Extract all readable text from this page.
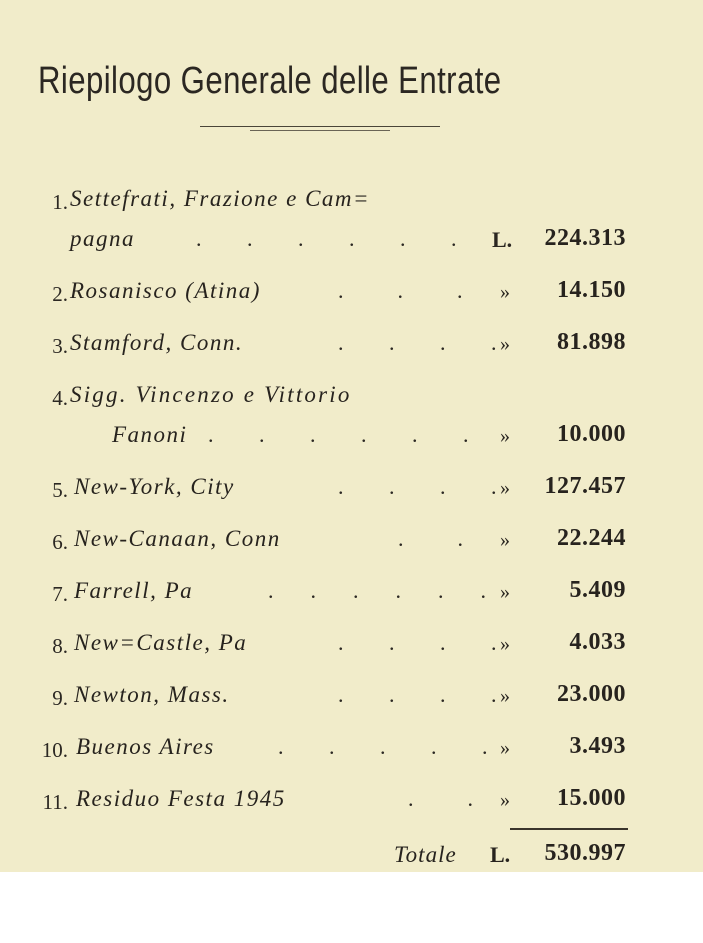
Riepilogo Generale delle Entrate
1. Settefrati, Frazione e Cam=
pagna	.     .     .     .     .     . L.	224.313
2. Rosanisco (Atina)	.      .      . »	14.150
3. Stamford, Conn.	.     .     .     . »	81.898
4. Sigg. Vincenzo e Vittorio
Fanoni .     .     .     .     .     . »	10.000
5. New-York, City	.     .     .     . »	127.457
6. New-Canaan, Conn	.      . »	22.244
7. Farrell, Pa	.    .    .    .    .    . »	5.409
8. New=Castle, Pa	.     .     .     . »	4.033
9. Newton, Mass.	.     .     .     . »	23.000
10. Buenos Aires	.     .     .     .     . »	3.493
11. Residuo Festa 1945	.      . »	15.000
Totale L. 530.997
